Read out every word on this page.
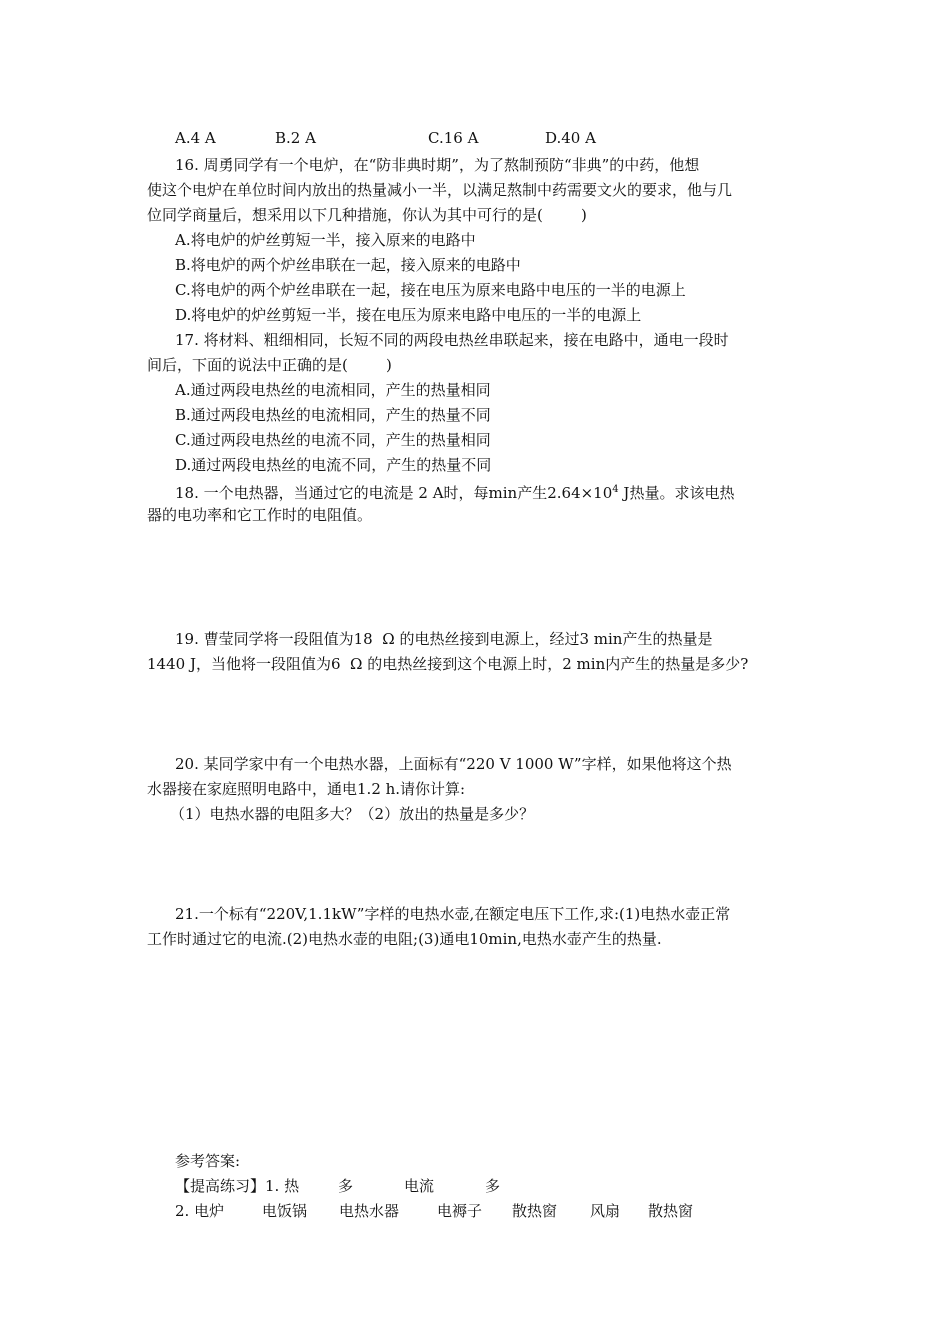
A.4 A	B.2 A	C.16 A	D.40 A
16. 周勇同学有一个电炉，在“防非典时期”，为了熬制预防“非典”的中药，他想
使这个电炉在单位时间内放出的热量减小一半，以满足熬制中药需要文火的要求，他与几
位同学商量后，想采用以下几种措施，你认为其中可行的是(        )
A.将电炉的炉丝剪短一半，接入原来的电路中
B.将电炉的两个炉丝串联在一起，接入原来的电路中
C.将电炉的两个炉丝串联在一起，接在电压为原来电路中电压的一半的电源上
D.将电炉的炉丝剪短一半，接在电压为原来电路中电压的一半的电源上
17. 将材料、粗细相同，长短不同的两段电热丝串联起来，接在电路中，通电一段时
间后，下面的说法中正确的是(        )
A.通过两段电热丝的电流相同，产生的热量相同
B.通过两段电热丝的电流相同，产生的热量不同
C.通过两段电热丝的电流不同，产生的热量相同
D.通过两段电热丝的电流不同，产生的热量不同
18. 一个电热器，当通过它的电流是 2 A时，每min产生$2.64\times 10^4$ J热量。求该电热
器的电功率和它工作时的电阻值。
19. 曹莹同学将一段阻值为18  Ω 的电热丝接到电源上，经过3 min产生的热量是
1440 J，当他将一段阻值为6  Ω 的电热丝接到这个电源上时，2 min内产生的热量是多少?
20. 某同学家中有一个电热水器，上面标有“220 V 1000 W”字样，如果他将这个热
水器接在家庭照明电路中，通电1.2 h.请你计算:
（1）电热水器的电阻多大？（2）放出的热量是多少？
21.一个标有“220V,1.1kW”字样的电热水壶,在额定电压下工作,求:(1)电热水壶正常
工作时通过它的电流.(2)电热水壶的电阻;(3)通电10min,电热水壶产生的热量.
参考答案:
【提高练习】1. 热	多	电流	多
2. 电炉	电饭锅 电热水器	电褥子 散热窗 风扇 散热窗
